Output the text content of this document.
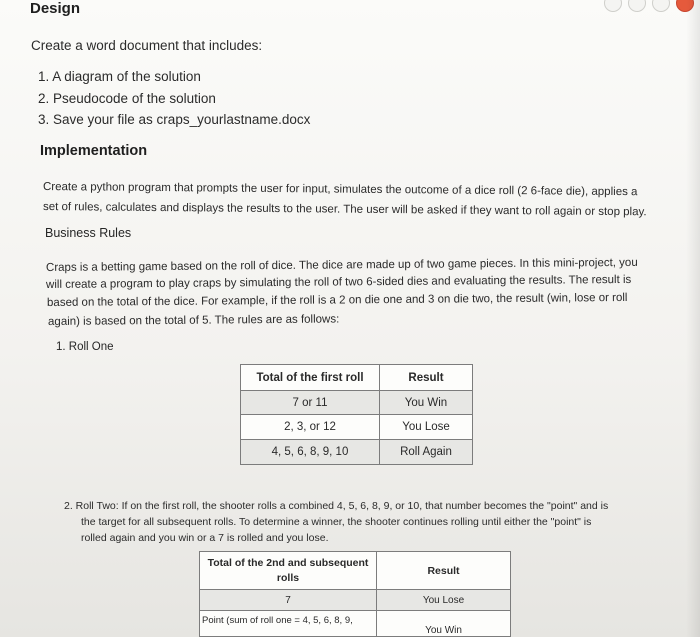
Design
Create a word document that includes:
1. A diagram of the solution
2. Pseudocode of the solution
3. Save your file as craps_yourlastname.docx
Implementation
Create a python program that prompts the user for input, simulates the outcome of a dice roll (2 6-face die), applies a
set of rules, calculates and displays the results to the user. The user will be asked if they want to roll again or stop play.
Business Rules
Craps is a betting game based on the roll of dice. The dice are made up of two game pieces. In this mini-project, you
will create a program to play craps by simulating the roll of two 6-sided dies and evaluating the results. The result is
based on the total of the dice. For example, if the roll is a 2 on die one and 3 on die two, the result (win, lose or roll
again) is based on the total of 5. The rules are as follows:
1. Roll One
Total of the first roll	Result
7 or 11	You Win
2, 3, or 12	You Lose
4, 5, 6, 8, 9, 10	Roll Again
2. Roll Two: If on the first roll, the shooter rolls a combined 4, 5, 6, 8, 9, or 10, that number becomes the "point" and is
the target for all subsequent rolls. To determine a winner, the shooter continues rolling until either the "point" is
rolled again and you win or a 7 is rolled and you lose.
Total of the 2nd and subsequent
rolls	Result
7	You Lose
Point (sum of roll one = 4, 5, 6, 8, 9,	You Win
